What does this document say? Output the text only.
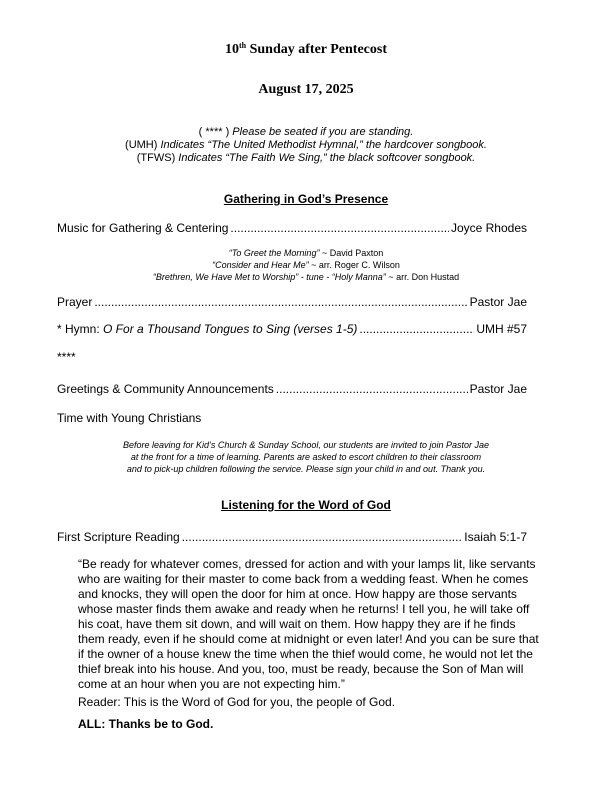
10th Sunday after Pentecost
August 17, 2025
( **** ) Please be seated if you are standing.
(UMH) Indicates “The United Methodist Hymnal,” the hardcover songbook.
(TFWS) Indicates “The Faith We Sing,” the black softcover songbook.
Gathering in God’s Presence
Music for Gathering & Centering .....	Joyce Rhodes
“To Greet the Morning” ~ David Paxton
“Consider and Hear Me” ~ arr. Roger C. Wilson
“Brethren, We Have Met to Worship” - tune - “Holy Manna” ~ arr. Don Hustad
Prayer .....	Pastor Jae
* Hymn: O For a Thousand Tongues to Sing (verses 1-5) .....	UMH #57
****
Greetings & Community Announcements .....	Pastor Jae
Time with Young Christians
Before leaving for Kid’s Church & Sunday School, our students are invited to join Pastor Jae
at the front for a time of learning. Parents are asked to escort children to their classroom
and to pick-up children following the service. Please sign your child in and out. Thank you.
Listening for the Word of God
First Scripture Reading .....	Isaiah 5:1-7
“Be ready for whatever comes, dressed for action and with your lamps lit, like servants
who are waiting for their master to come back from a wedding feast. When he comes
and knocks, they will open the door for him at once. How happy are those servants
whose master finds them awake and ready when he returns! I tell you, he will take off
his coat, have them sit down, and will wait on them. How happy they are if he finds
them ready, even if he should come at midnight or even later! And you can be sure that
if the owner of a house knew the time when the thief would come, he would not let the
thief break into his house. And you, too, must be ready, because the Son of Man will
come at an hour when you are not expecting him.”
Reader: This is the Word of God for you, the people of God.
ALL: Thanks be to God.
